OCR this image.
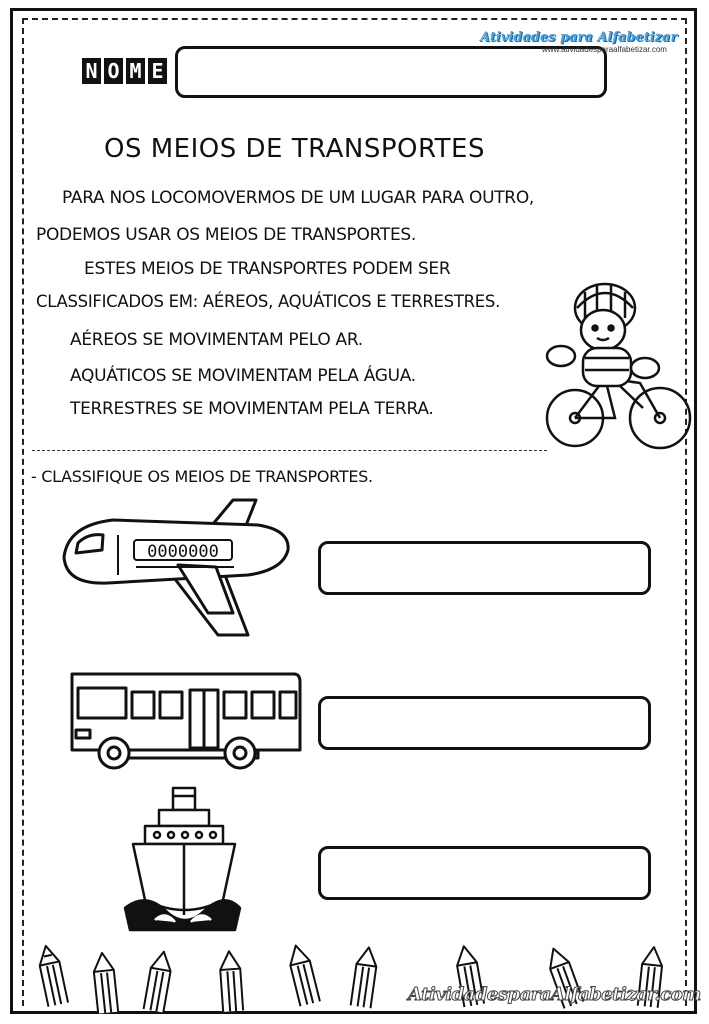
N O M E
Atividades para Alfabetizar
www.atividadesparaalfabetizar.com
OS MEIOS DE TRANSPORTES
PARA NOS LOCOMOVERMOS DE UM LUGAR PARA OUTRO,
PODEMOS USAR OS MEIOS DE TRANSPORTES.
ESTES MEIOS DE TRANSPORTES PODEM SER
CLASSIFICADOS EM: AÉREOS, AQUÁTICOS E TERRESTRES.
AÉREOS SE MOVIMENTAM PELO AR.
AQUÁTICOS SE MOVIMENTAM PELA ÁGUA.
TERRESTRES SE MOVIMENTAM PELA TERRA.
- CLASSIFIQUE OS MEIOS DE TRANSPORTES.
0000000
AtividadesparaAlfabetizar.com
